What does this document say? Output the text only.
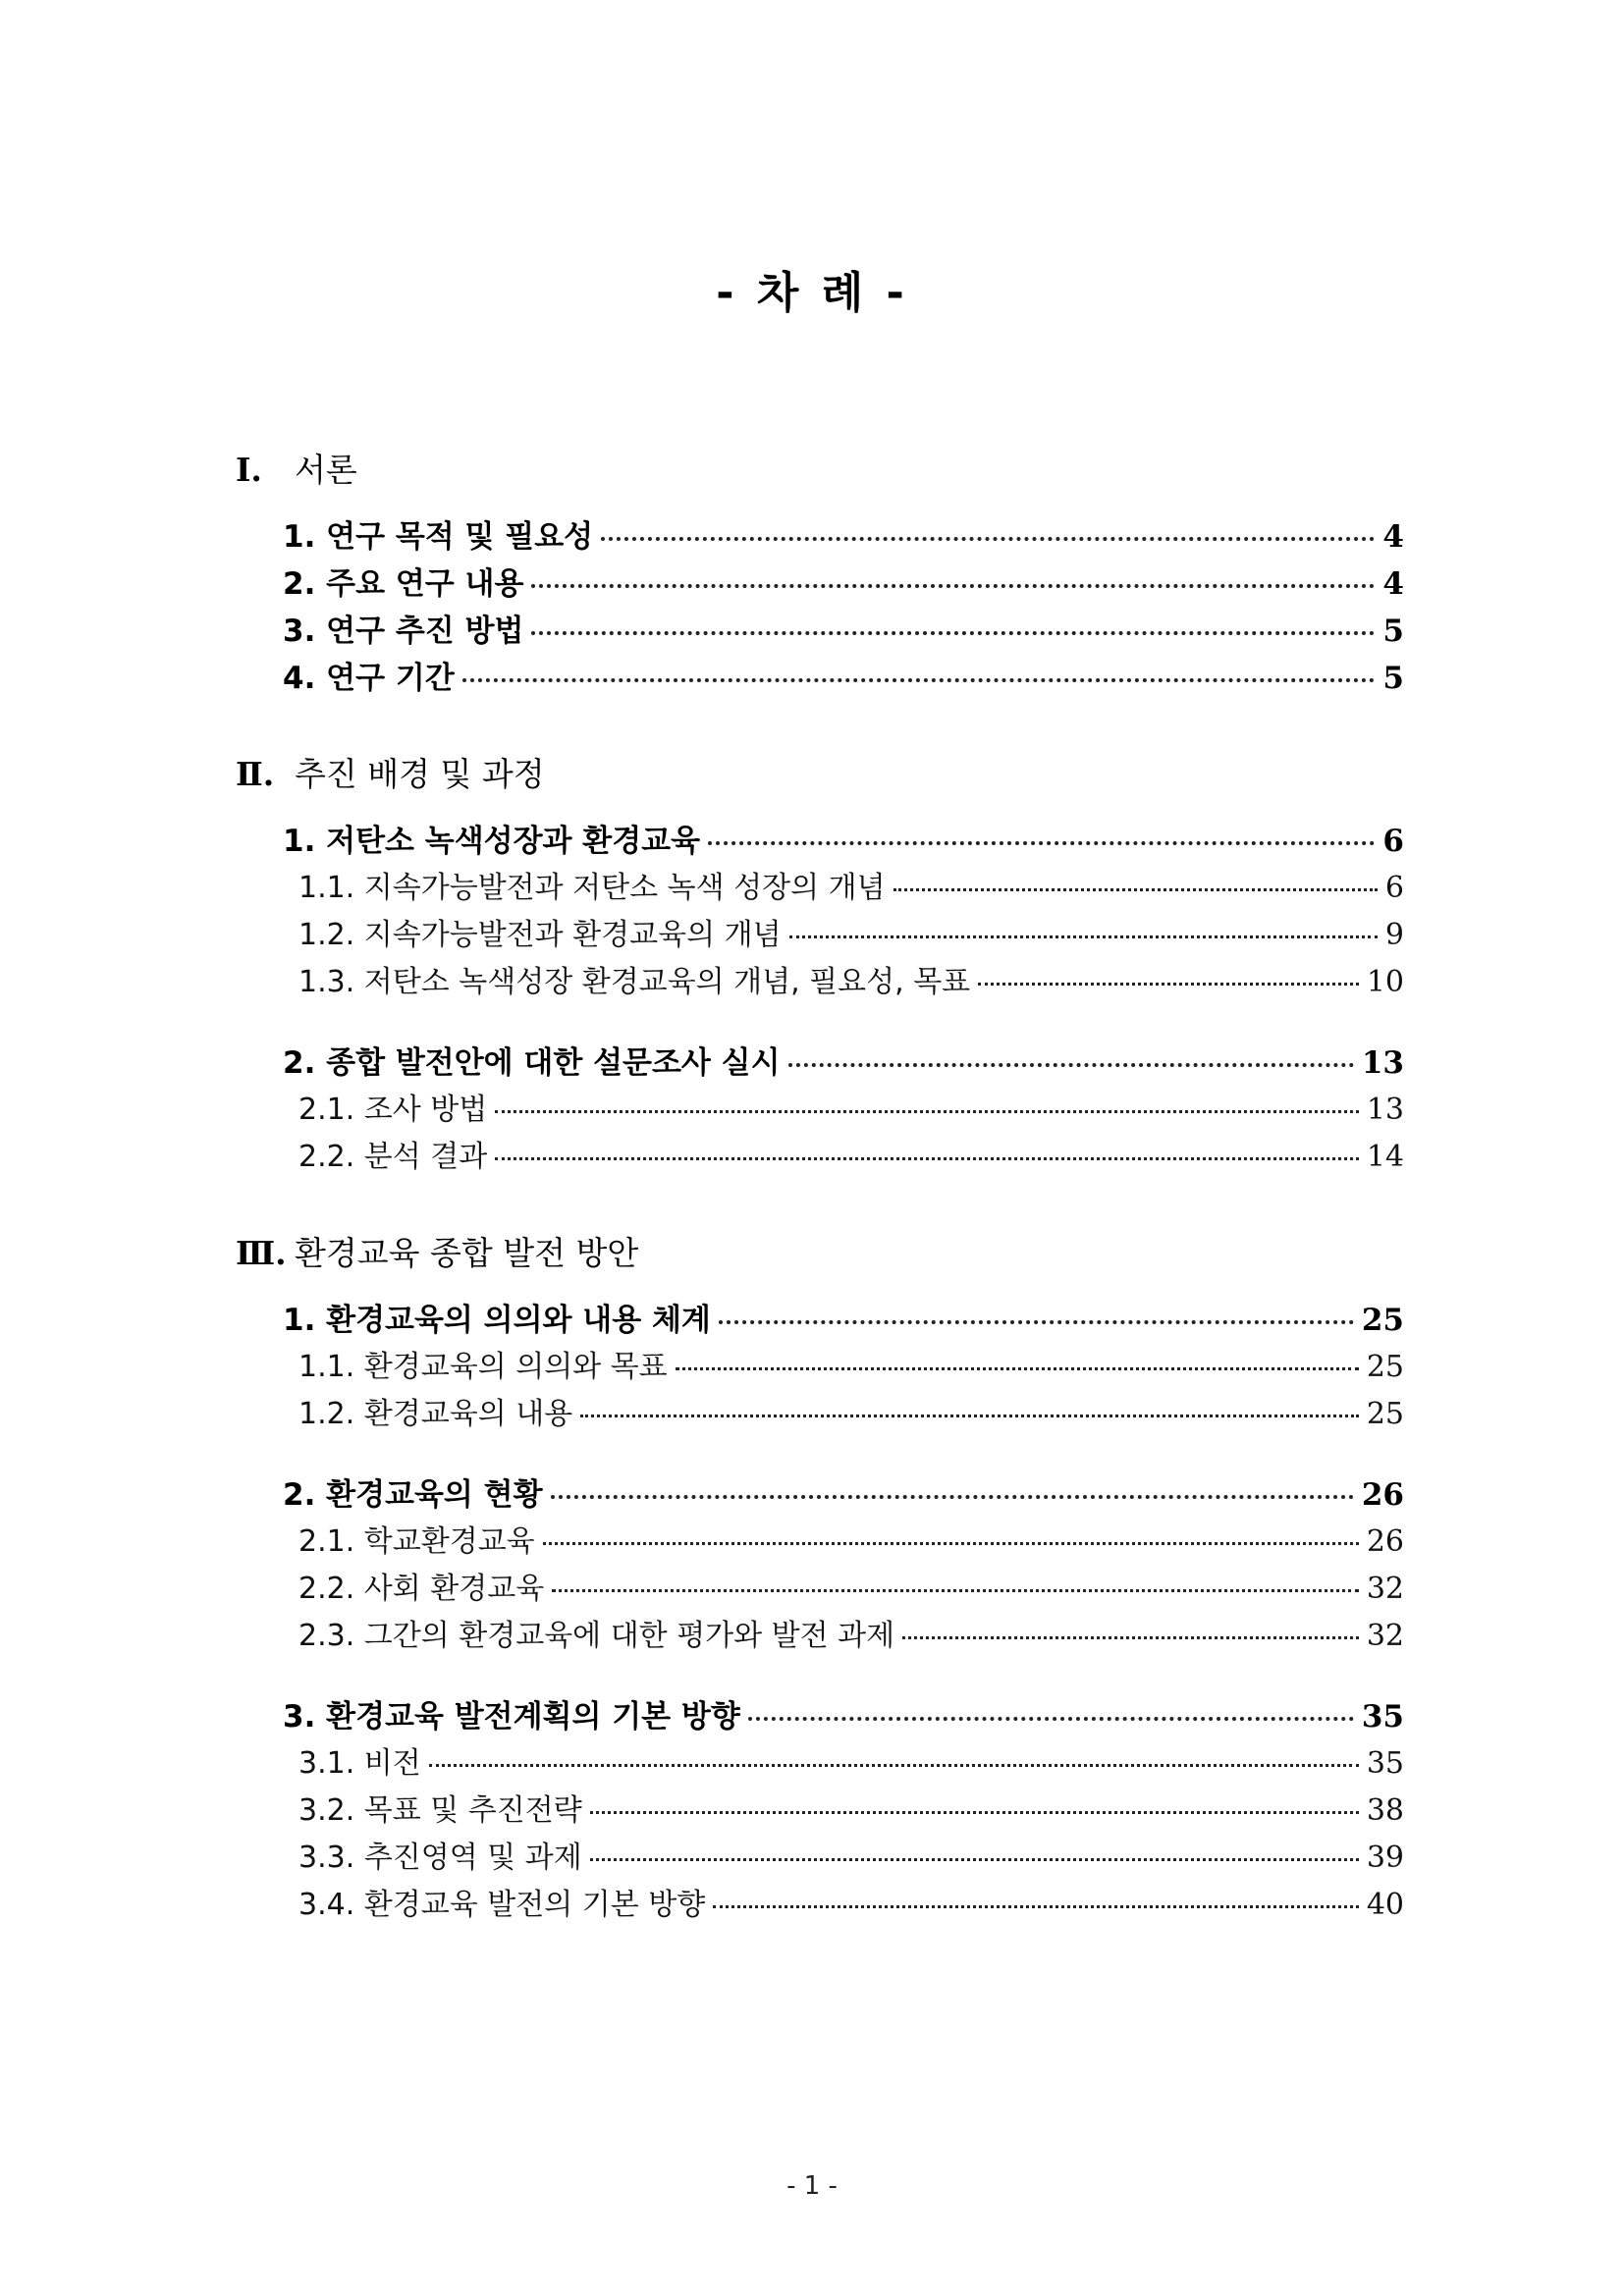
- 차 례 -
Ⅰ. 서론
1. 연구 목적 및 필요성	4
2. 주요 연구 내용	4
3. 연구 추진 방법	5
4. 연구 기간	5
Ⅱ. 추진 배경 및 과정
1. 저탄소 녹색성장과 환경교육	6
1.1. 지속가능발전과 저탄소 녹색 성장의 개념	6
1.2. 지속가능발전과 환경교육의 개념	9
1.3. 저탄소 녹색성장 환경교육의 개념, 필요성, 목표	10
2. 종합 발전안에 대한 설문조사 실시	13
2.1. 조사 방법	13
2.2. 분석 결과	14
Ⅲ. 환경교육 종합 발전 방안
1. 환경교육의 의의와 내용 체계	25
1.1. 환경교육의 의의와 목표	25
1.2. 환경교육의 내용	25
2. 환경교육의 현황	26
2.1. 학교환경교육	26
2.2. 사회 환경교육	32
2.3. 그간의 환경교육에 대한 평가와 발전 과제	32
3. 환경교육 발전계획의 기본 방향	35
3.1. 비전	35
3.2. 목표 및 추진전략	38
3.3. 추진영역 및 과제	39
3.4. 환경교육 발전의 기본 방향	40
- 1 -
